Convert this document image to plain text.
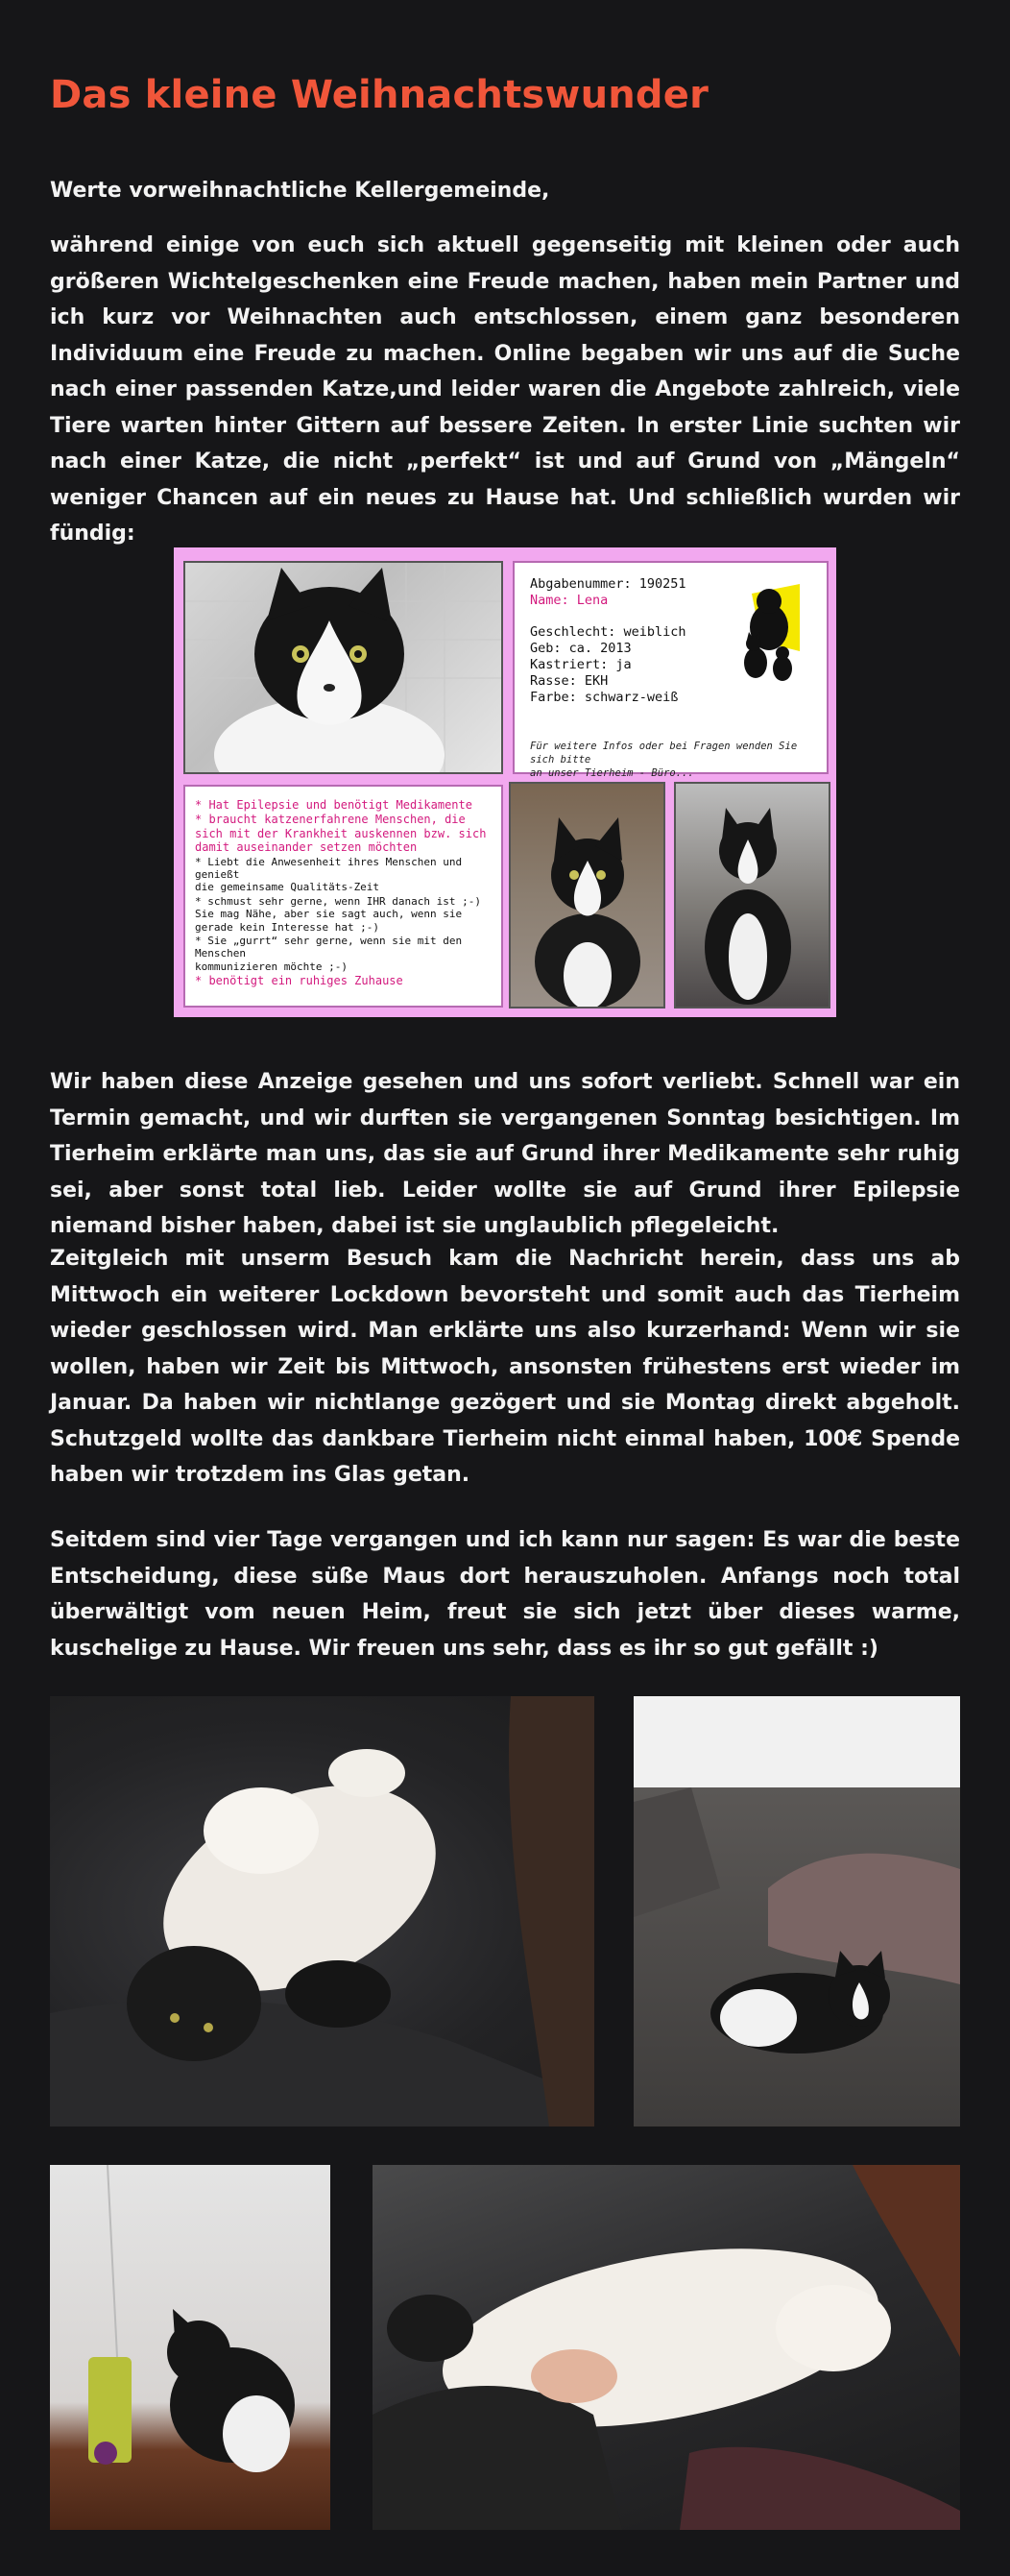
Das kleine Weihnachtswunder

Werte vorweihnachtliche Kellergemeinde,

während einige von euch sich aktuell gegenseitig mit kleinen oder auch größeren Wichtelgeschenken eine Freude machen, haben mein Partner und ich kurz vor Weihnachten auch entschlossen, einem ganz besonderen Individuum eine Freude zu machen. Online begaben wir uns auf die Suche nach einer passenden Katze,und leider waren die Angebote zahlreich, viele Tiere warten hinter Gittern auf bessere Zeiten. In erster Linie suchten wir nach einer Katze, die nicht „perfekt“ ist und auf Grund von „Mängeln“ weniger Chancen auf ein neues zu Hause hat. Und schließlich wurden wir fündig:

Abgabenummer: 190251
Name: Lena
Geschlecht: weiblich
Geb: ca. 2013
Kastriert: ja
Rasse: EKH
Farbe: schwarz-weiß
Für weitere Infos oder bei Fragen wenden Sie sich bitte
an unser Tierheim - Büro...
* Hat Epilepsie und benötigt Medikamente
* braucht katzenerfahrene Menschen, die
sich mit der Krankheit auskennen bzw. sich
damit auseinander setzen möchten
* Liebt die Anwesenheit ihres Menschen und genießt
die gemeinsame Qualitäts-Zeit
* schmust sehr gerne, wenn IHR danach ist ;-)
Sie mag Nähe, aber sie sagt auch, wenn sie
gerade kein Interesse hat ;-)
* Sie „gurrt“ sehr gerne, wenn sie mit den Menschen
kommunizieren möchte ;-)
* benötigt ein ruhiges Zuhause

Wir haben diese Anzeige gesehen und uns sofort verliebt. Schnell war ein Termin gemacht, und wir durften sie vergangenen Sonntag besichtigen. Im Tierheim erklärte man uns, das sie auf Grund ihrer Medikamente sehr ruhig sei, aber sonst total lieb. Leider wollte sie auf Grund ihrer Epilepsie niemand bisher haben, dabei ist sie unglaublich pflegeleicht.

Zeitgleich mit unserm Besuch kam die Nachricht herein, dass uns ab Mittwoch ein weiterer Lockdown bevorsteht und somit auch das Tierheim wieder geschlossen wird. Man erklärte uns also kurzerhand: Wenn wir sie wollen, haben wir Zeit bis Mittwoch, ansonsten frühestens erst wieder im Januar. Da haben wir nichtlange gezögert und sie Montag direkt abgeholt. Schutzgeld wollte das dankbare Tierheim nicht einmal haben, 100€ Spende haben wir trotzdem ins Glas getan.

Seitdem sind vier Tage vergangen und ich kann nur sagen: Es war die beste Entscheidung, diese süße Maus dort herauszuholen. Anfangs noch total überwältigt vom neuen Heim, freut sie sich jetzt über dieses warme, kuschelige zu Hause. Wir freuen uns sehr, dass es ihr so gut gefällt :)
